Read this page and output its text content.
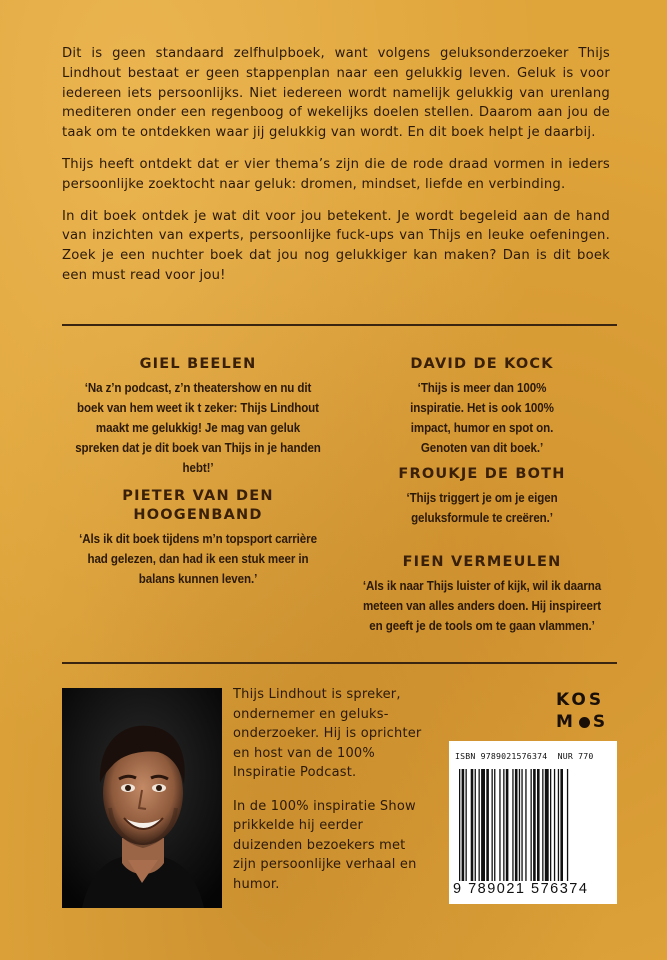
Dit is geen standaard zelfhulpboek, want volgens geluksonderzoeker Thijs Lindhout bestaat er geen stappenplan naar een gelukkig leven. Geluk is voor iedereen iets persoonlijks. Niet iedereen wordt namelijk gelukkig van urenlang mediteren onder een regenboog of wekelijks doelen stellen. Daarom aan jou de taak om te ontdekken waar jij gelukkig van wordt. En dit boek helpt je daarbij.

Thijs heeft ontdekt dat er vier thema’s zijn die de rode draad vormen in ieders persoonlijke zoektocht naar geluk: dromen, mindset, liefde en verbinding.

In dit boek ontdek je wat dit voor jou betekent. Je wordt begeleid aan de hand van inzichten van experts, persoonlijke fuck-ups van Thijs en leuke oefeningen. Zoek je een nuchter boek dat jou nog gelukkiger kan maken? Dan is dit boek een must read voor jou!

GIEL BEELEN
‘Na z’n podcast, z’n theatershow en nu dit boek van hem weet ik t zeker: Thijs Lindhout maakt me gelukkig! Je mag van geluk spreken dat je dit boek van Thijs in je handen hebt!’
PIETER VAN DEN HOOGENBAND
‘Als ik dit boek tijdens m’n topsport carrière had gelezen, dan had ik een stuk meer in balans kunnen leven.’
DAVID DE KOCK
‘Thijs is meer dan 100% inspiratie. Het is ook 100% impact, humor en spot on. Genoten van dit boek.’
FROUKJE DE BOTH
‘Thijs triggert je om je eigen geluksformule te creëren.’
FIEN VERMEULEN
‘Als ik naar Thijs luister of kijk, wil ik daarna meteen van alles anders doen. Hij inspireert en geeft je de tools om te gaan vlammen.’

Thijs Lindhout is spreker, ondernemer en geluks-onderzoeker. Hij is oprichter en host van de 100% Inspiratie Podcast.

In de 100% inspiratie Show prikkelde hij eerder duizenden bezoekers met zijn persoonlijke verhaal en humor.

KOS
M S
ISBN 9789021576374 NUR 770
9 789021 576374
